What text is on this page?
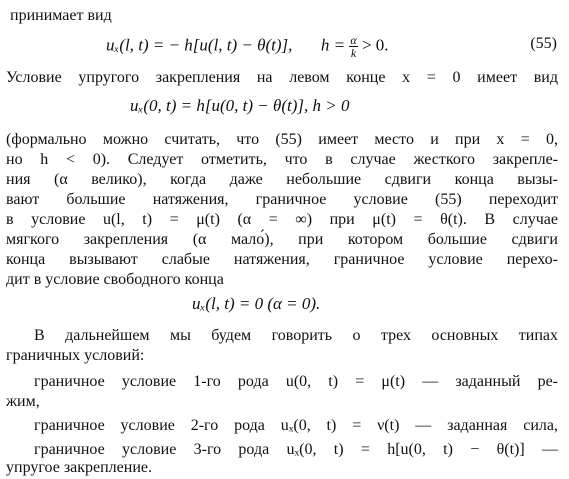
принимает вид
uₓ(l, t) = − h[u(l, t) − θ(t)], $h = \frac{\alpha}{k} > 0$.	(55)
Условие упругого закрепления на левом конце x = 0 имеет вид
uₓ(0, t) = h[u(0, t) − θ(t)], h > 0
(формально можно считать, что (55) имеет место и при x = 0,
но h < 0). Следует отметить, что в случае жесткого закрепле-
ния (α велико), когда даже небольшие сдвиги конца вызы-
вают большие натяжения, граничное условие (55) переходит
в условие u(l, t) = μ(t) (α = ∞) при μ(t) = θ(t). В случае
мягкого закрепления (α мало́), при котором большие сдвиги
конца вызывают слабые натяжения, граничное условие перехо-
дит в условие свободного конца
uₓ(l, t) = 0 (α = 0).
В дальнейшем мы будем говорить о трех основных типах
граничных условий:
граничное условие 1-го рода u(0, t) = μ(t) — заданный ре-
жим,
граничное условие 2-го рода uₓ(0, t) = ν(t) — заданная сила,
граничное условие 3-го рода uₓ(0, t) = h[u(0, t) − θ(t)] —
упругое закрепление.
